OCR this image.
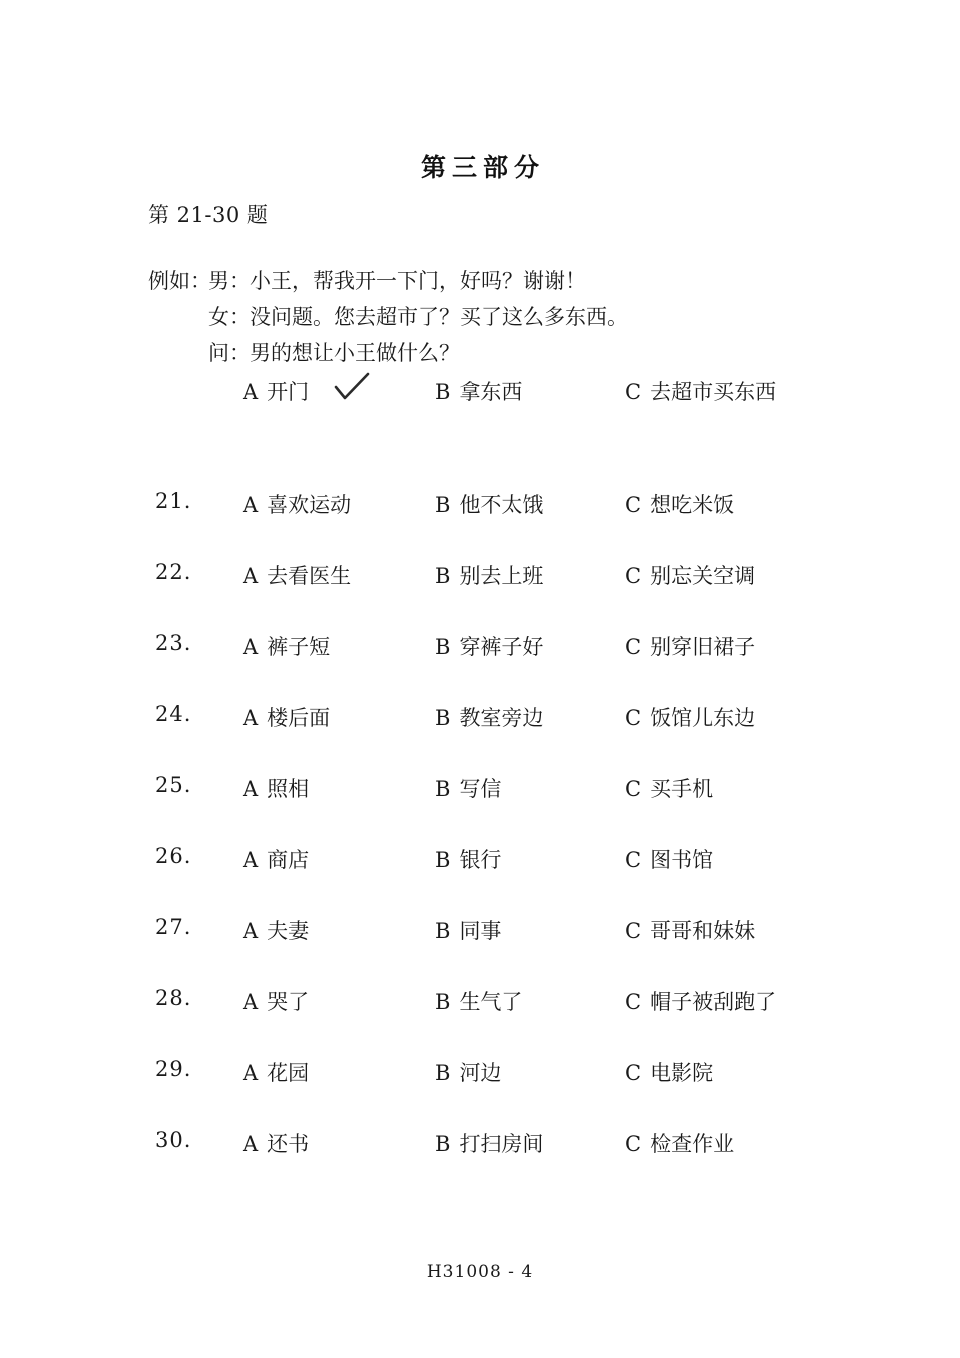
第三部分
第 21-30 题
例如：男：小王，帮我开一下门，好吗？谢谢！
女：没问题。您去超市了？买了这么多东西。
问：男的想让小王做什么？
A 开门	B 拿东西	C 去超市买东西
21. A 喜欢运动	B 他不太饿	C 想吃米饭
22. A 去看医生	B 别去上班	C 别忘关空调
23. A 裤子短	B 穿裤子好	C 别穿旧裙子
24. A 楼后面	B 教室旁边	C 饭馆儿东边
25. A 照相	B 写信	C 买手机
26. A 商店	B 银行	C 图书馆
27. A 夫妻	B 同事	C 哥哥和妹妹
28. A 哭了	B 生气了	C 帽子被刮跑了
29. A 花园	B 河边	C 电影院
30. A 还书	B 打扫房间	C 检查作业
H31008 - 4
